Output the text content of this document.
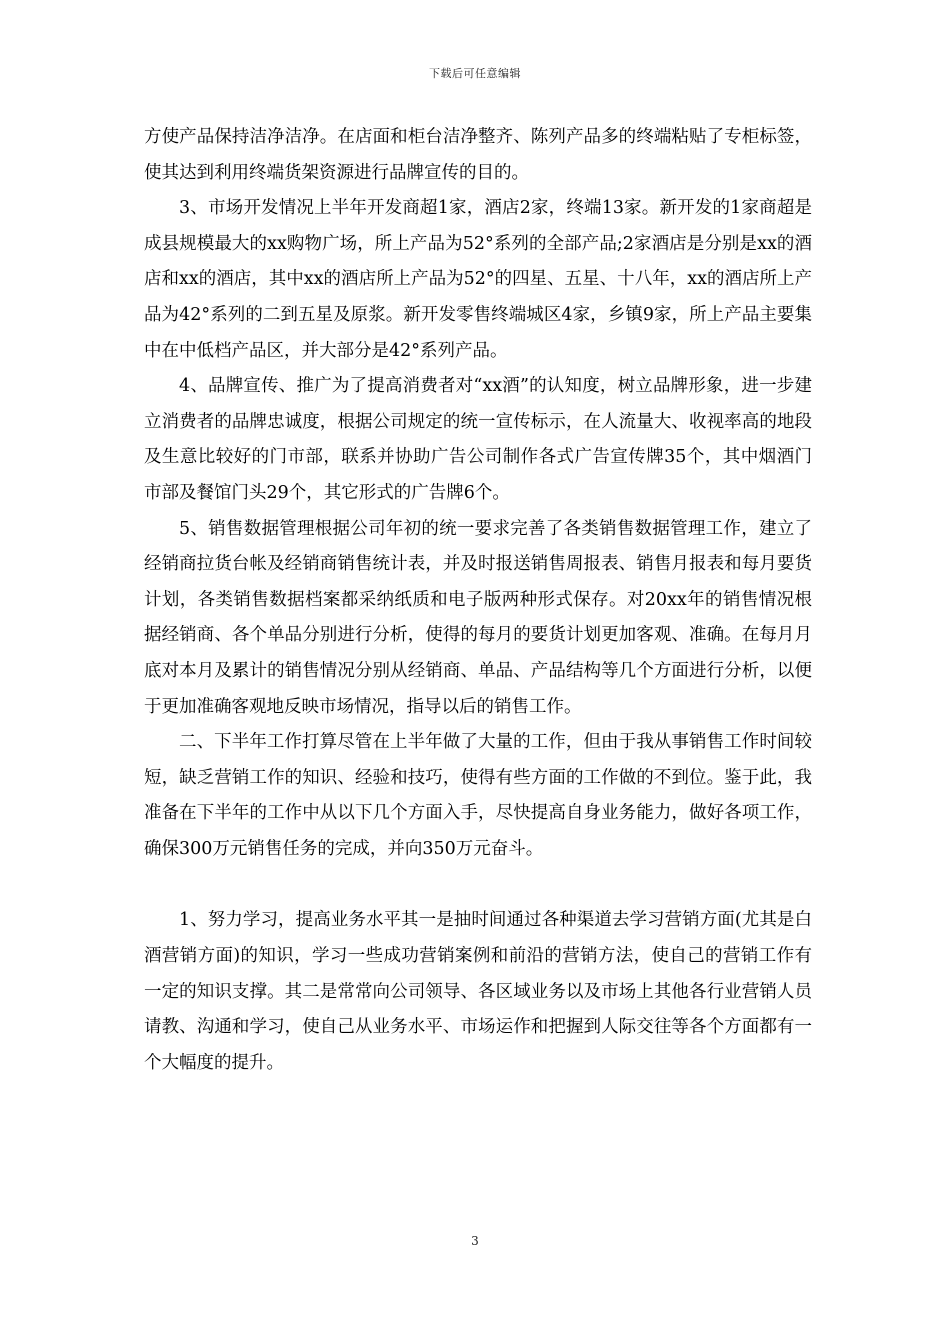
下载后可任意编辑

方使产品保持洁净洁净。在店面和柜台洁净整齐、陈列产品多的终端粘贴了专柜标签，使其达到利用终端货架资源进行品牌宣传的目的。

3、市场开发情况上半年开发商超1家，酒店2家，终端13家。新开发的1家商超是成县规模最大的xx购物广场，所上产品为52°系列的全部产品;2家酒店是分别是xx的酒店和xx的酒店，其中xx的酒店所上产品为52°的四星、五星、十八年，xx的酒店所上产品为42°系列的二到五星及原浆。新开发零售终端城区4家，乡镇9家，所上产品主要集中在中低档产品区，并大部分是42°系列产品。

4、品牌宣传、推广为了提高消费者对“xx酒”的认知度，树立品牌形象，进一步建立消费者的品牌忠诚度，根据公司规定的统一宣传标示，在人流量大、收视率高的地段及生意比较好的门市部，联系并协助广告公司制作各式广告宣传牌35个，其中烟酒门市部及餐馆门头29个，其它形式的广告牌6个。

5、销售数据管理根据公司年初的统一要求完善了各类销售数据管理工作，建立了经销商拉货台帐及经销商销售统计表，并及时报送销售周报表、销售月报表和每月要货计划，各类销售数据档案都采纳纸质和电子版两种形式保存。对20xx年的销售情况根据经销商、各个单品分别进行分析，使得的每月的要货计划更加客观、准确。在每月月底对本月及累计的销售情况分别从经销商、单品、产品结构等几个方面进行分析，以便于更加准确客观地反映市场情况，指导以后的销售工作。

二、下半年工作打算尽管在上半年做了大量的工作，但由于我从事销售工作时间较短，缺乏营销工作的知识、经验和技巧，使得有些方面的工作做的不到位。鉴于此，我准备在下半年的工作中从以下几个方面入手，尽快提高自身业务能力，做好各项工作，确保300万元销售任务的完成，并向350万元奋斗。

1、努力学习，提高业务水平其一是抽时间通过各种渠道去学习营销方面(尤其是白酒营销方面)的知识，学习一些成功营销案例和前沿的营销方法，使自己的营销工作有一定的知识支撑。其二是常常向公司领导、各区域业务以及市场上其他各行业营销人员请教、沟通和学习，使自己从业务水平、市场运作和把握到人际交往等各个方面都有一个大幅度的提升。

3
